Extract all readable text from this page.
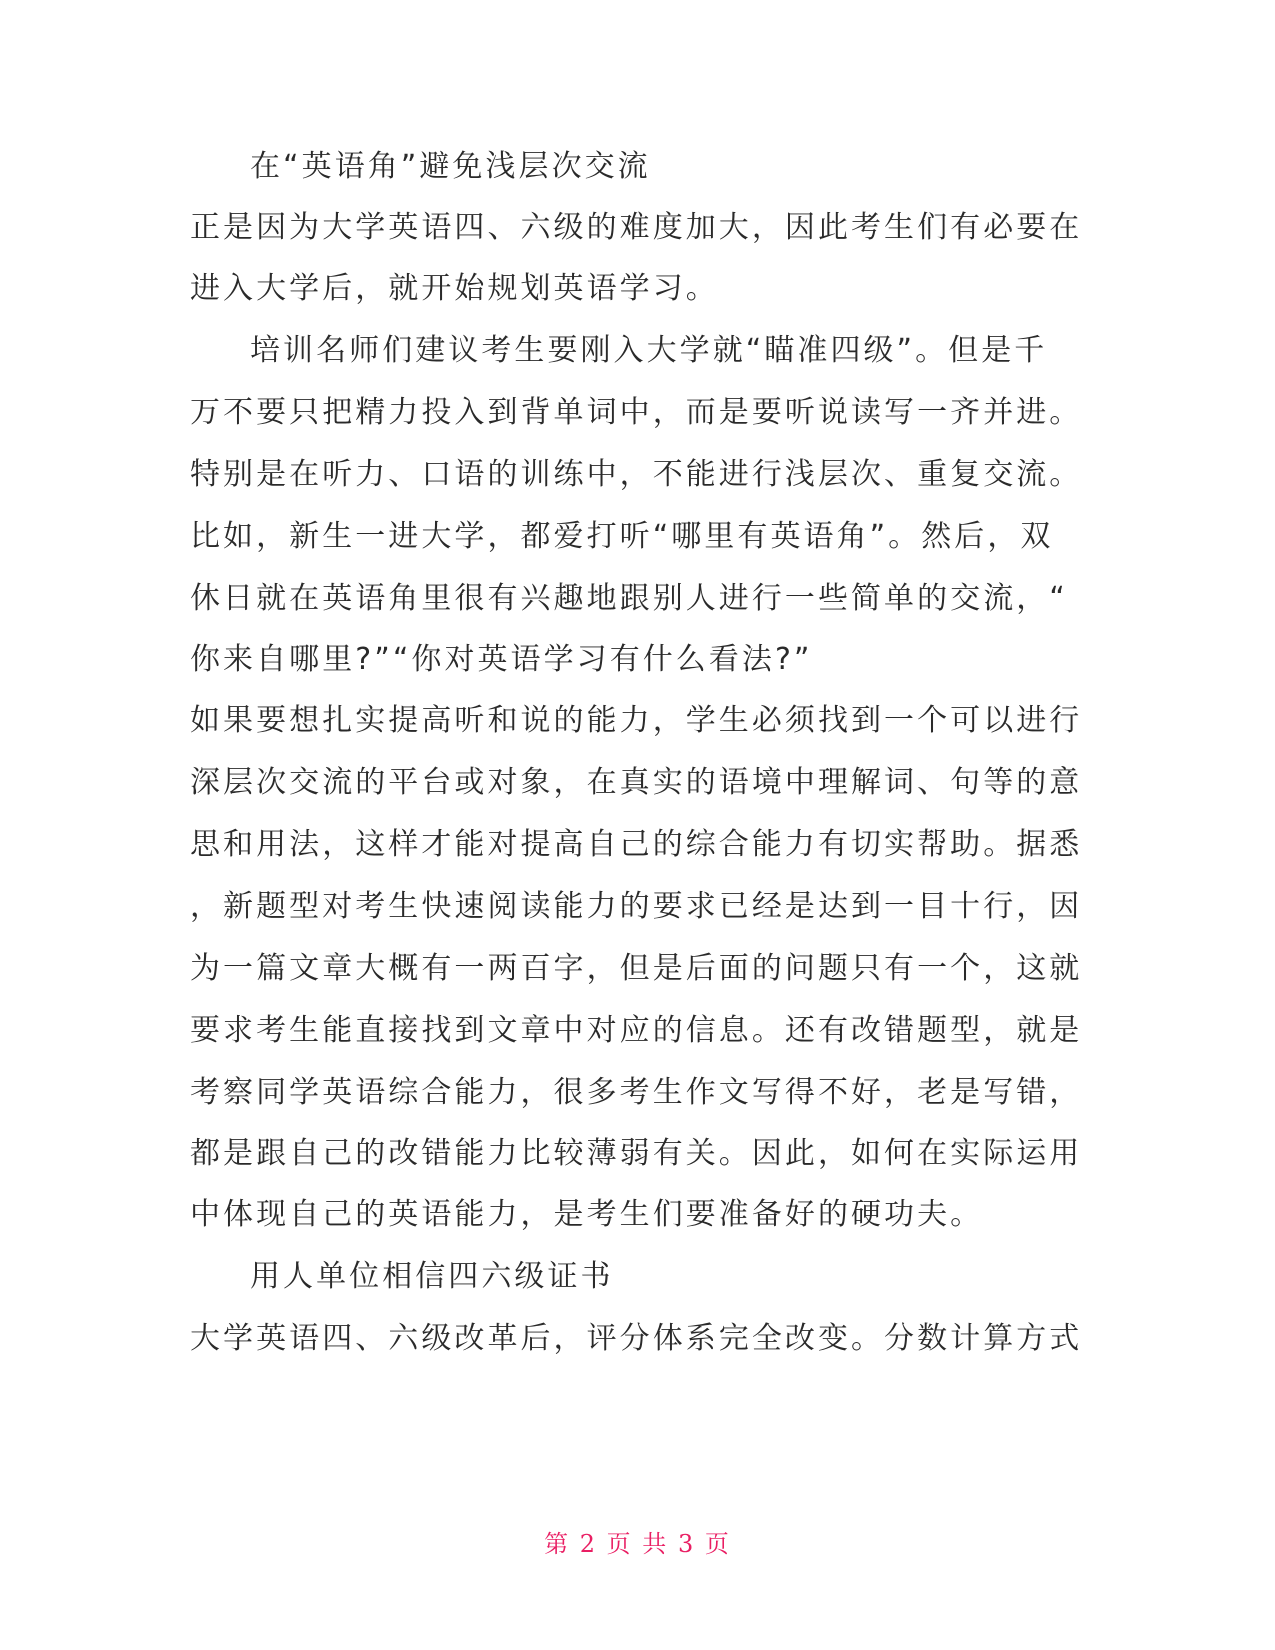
在“英语角”避免浅层次交流
正是因为大学英语四、六级的难度加大，因此考生们有必要在
进入大学后，就开始规划英语学习。
培训名师们建议考生要刚入大学就“瞄准四级”。但是千
万不要只把精力投入到背单词中，而是要听说读写一齐并进。
特别是在听力、口语的训练中，不能进行浅层次、重复交流。
比如，新生一进大学，都爱打听“哪里有英语角”。然后，双
休日就在英语角里很有兴趣地跟别人进行一些简单的交流，“
你来自哪里?”“你对英语学习有什么看法?”
如果要想扎实提高听和说的能力，学生必须找到一个可以进行
深层次交流的平台或对象，在真实的语境中理解词、句等的意
思和用法，这样才能对提高自己的综合能力有切实帮助。据悉
，新题型对考生快速阅读能力的要求已经是达到一目十行，因
为一篇文章大概有一两百字，但是后面的问题只有一个，这就
要求考生能直接找到文章中对应的信息。还有改错题型，就是
考察同学英语综合能力，很多考生作文写得不好，老是写错，
都是跟自己的改错能力比较薄弱有关。因此，如何在实际运用
中体现自己的英语能力，是考生们要准备好的硬功夫。
用人单位相信四六级证书
大学英语四、六级改革后，评分体系完全改变。分数计算方式
第 2 页 共 3 页
